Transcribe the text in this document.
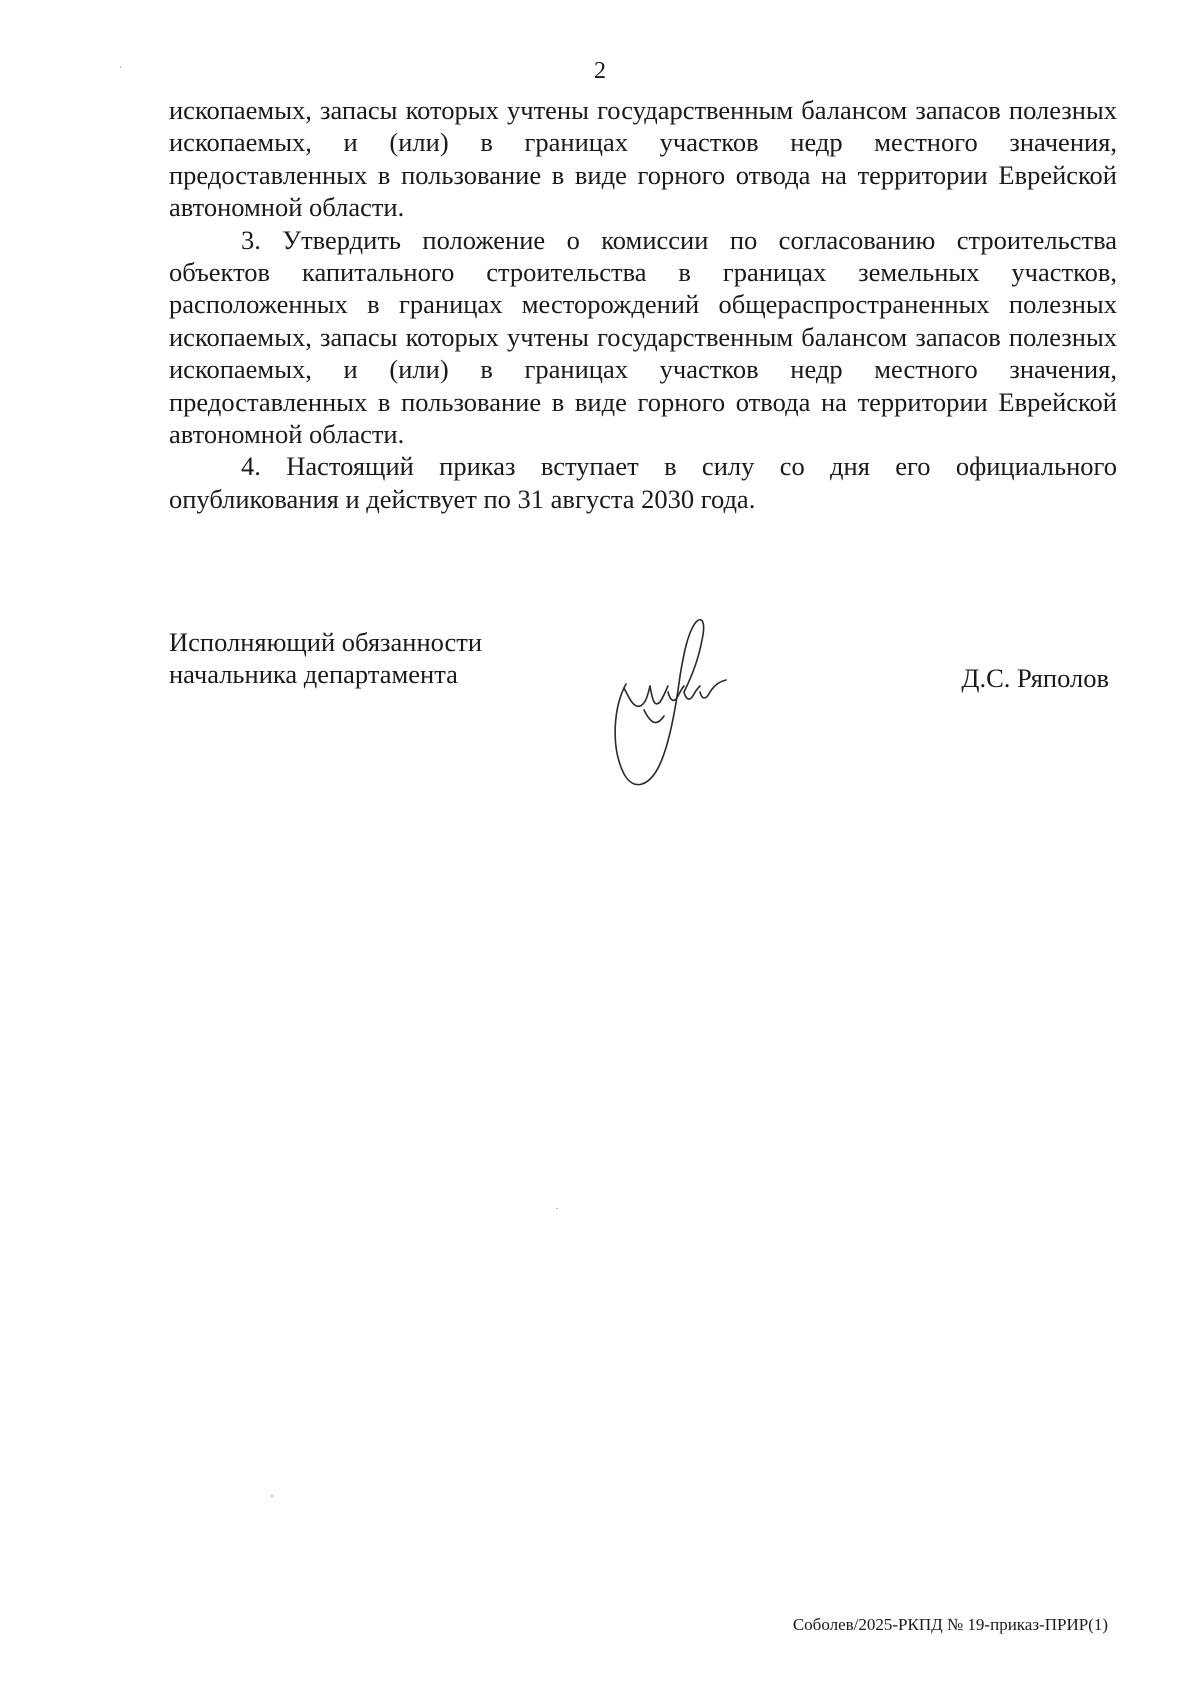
2

ископаемых, запасы которых учтены государственным балансом запасов полезных ископаемых, и (или) в границах участков недр местного значения, предоставленных в пользование в виде горного отвода на территории Еврейской автономной области.

3. Утвердить положение о комиссии по согласованию строительства объектов капитального строительства в границах земельных участков, расположенных в границах месторождений общераспространенных полезных ископаемых, запасы которых учтены государственным балансом запасов полезных ископаемых, и (или) в границах участков недр местного значения, предоставленных в пользование в виде горного отвода на территории Еврейской автономной области.

4. Настоящий приказ вступает в силу со дня его официального опубликования и действует по 31 августа 2030 года.

Исполняющий обязанности
начальника департамента	Д.С. Ряполов
Соболев/2025-РКПД № 19-приказ-ПРИР(1)
